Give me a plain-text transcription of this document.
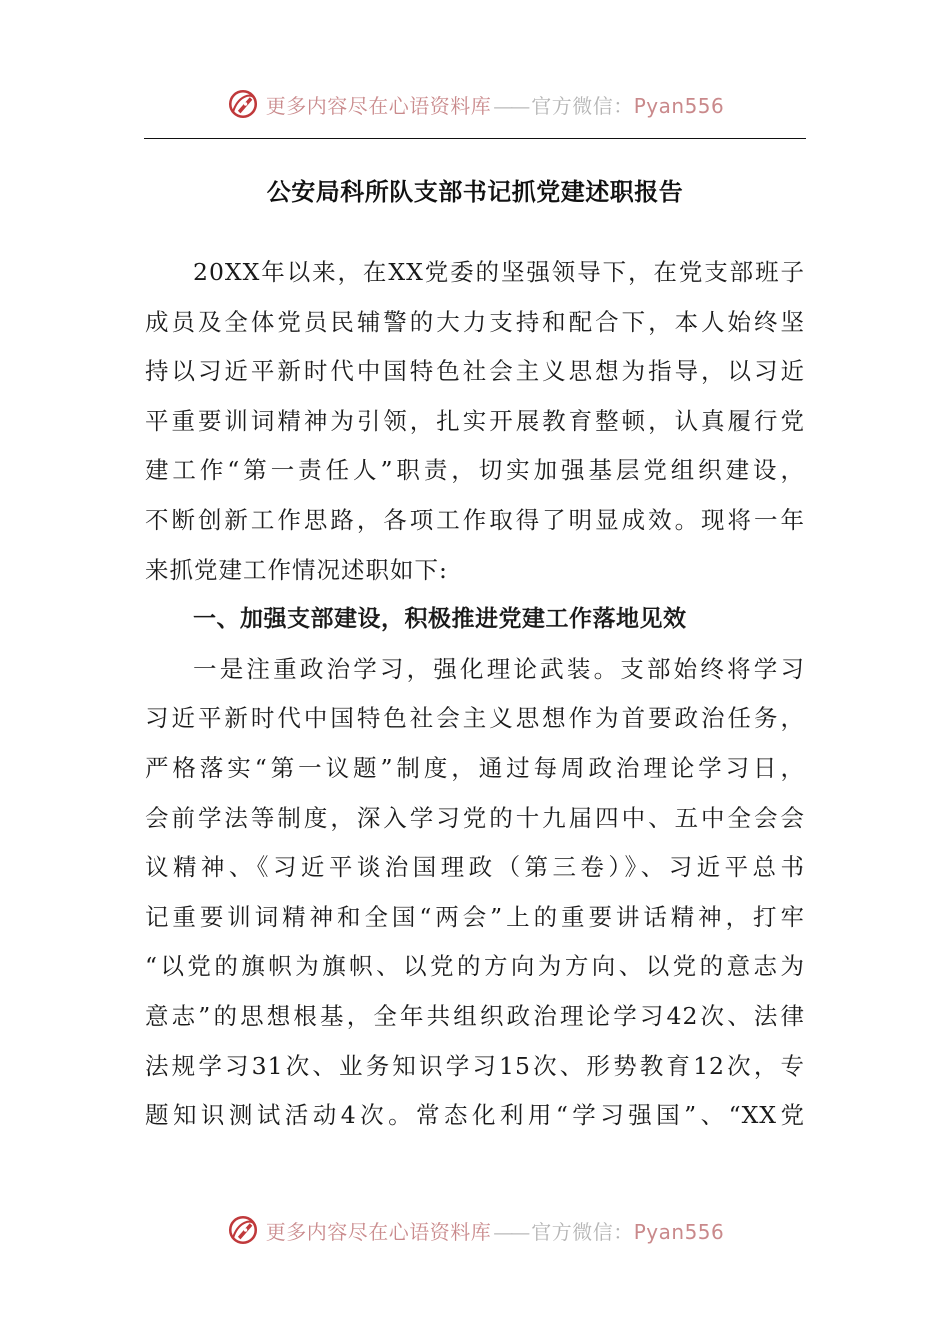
更多内容尽在心语资料库 —— 官方微信：Pyan556
公安局科所队支部书记抓党建述职报告
20XX年以来，在XX党委的坚强领导下，在党支部班子
成员及全体党员民辅警的大力支持和配合下，本人始终坚
持以习近平新时代中国特色社会主义思想为指导，以习近
平重要训词精神为引领，扎实开展教育整顿，认真履行党
建工作“第一责任人”职责，切实加强基层党组织建设，
不断创新工作思路，各项工作取得了明显成效。现将一年
来抓党建工作情况述职如下:
一、加强支部建设，积极推进党建工作落地见效
一是注重政治学习，强化理论武装。支部始终将学习
习近平新时代中国特色社会主义思想作为首要政治任务，
严格落实“第一议题”制度，通过每周政治理论学习日，
会前学法等制度，深入学习党的十九届四中、五中全会会
议精神、《习近平谈治国理政（第三卷）》、习近平总书
记重要训词精神和全国“两会”上的重要讲话精神，打牢
“以党的旗帜为旗帜、以党的方向为方向、以党的意志为
意志”的思想根基，全年共组织政治理论学习42次、法律
法规学习31次、业务知识学习15次、形势教育12次，专
题知识测试活动4次。常态化利用“学习强国”、“XX党
更多内容尽在心语资料库 —— 官方微信：Pyan556
